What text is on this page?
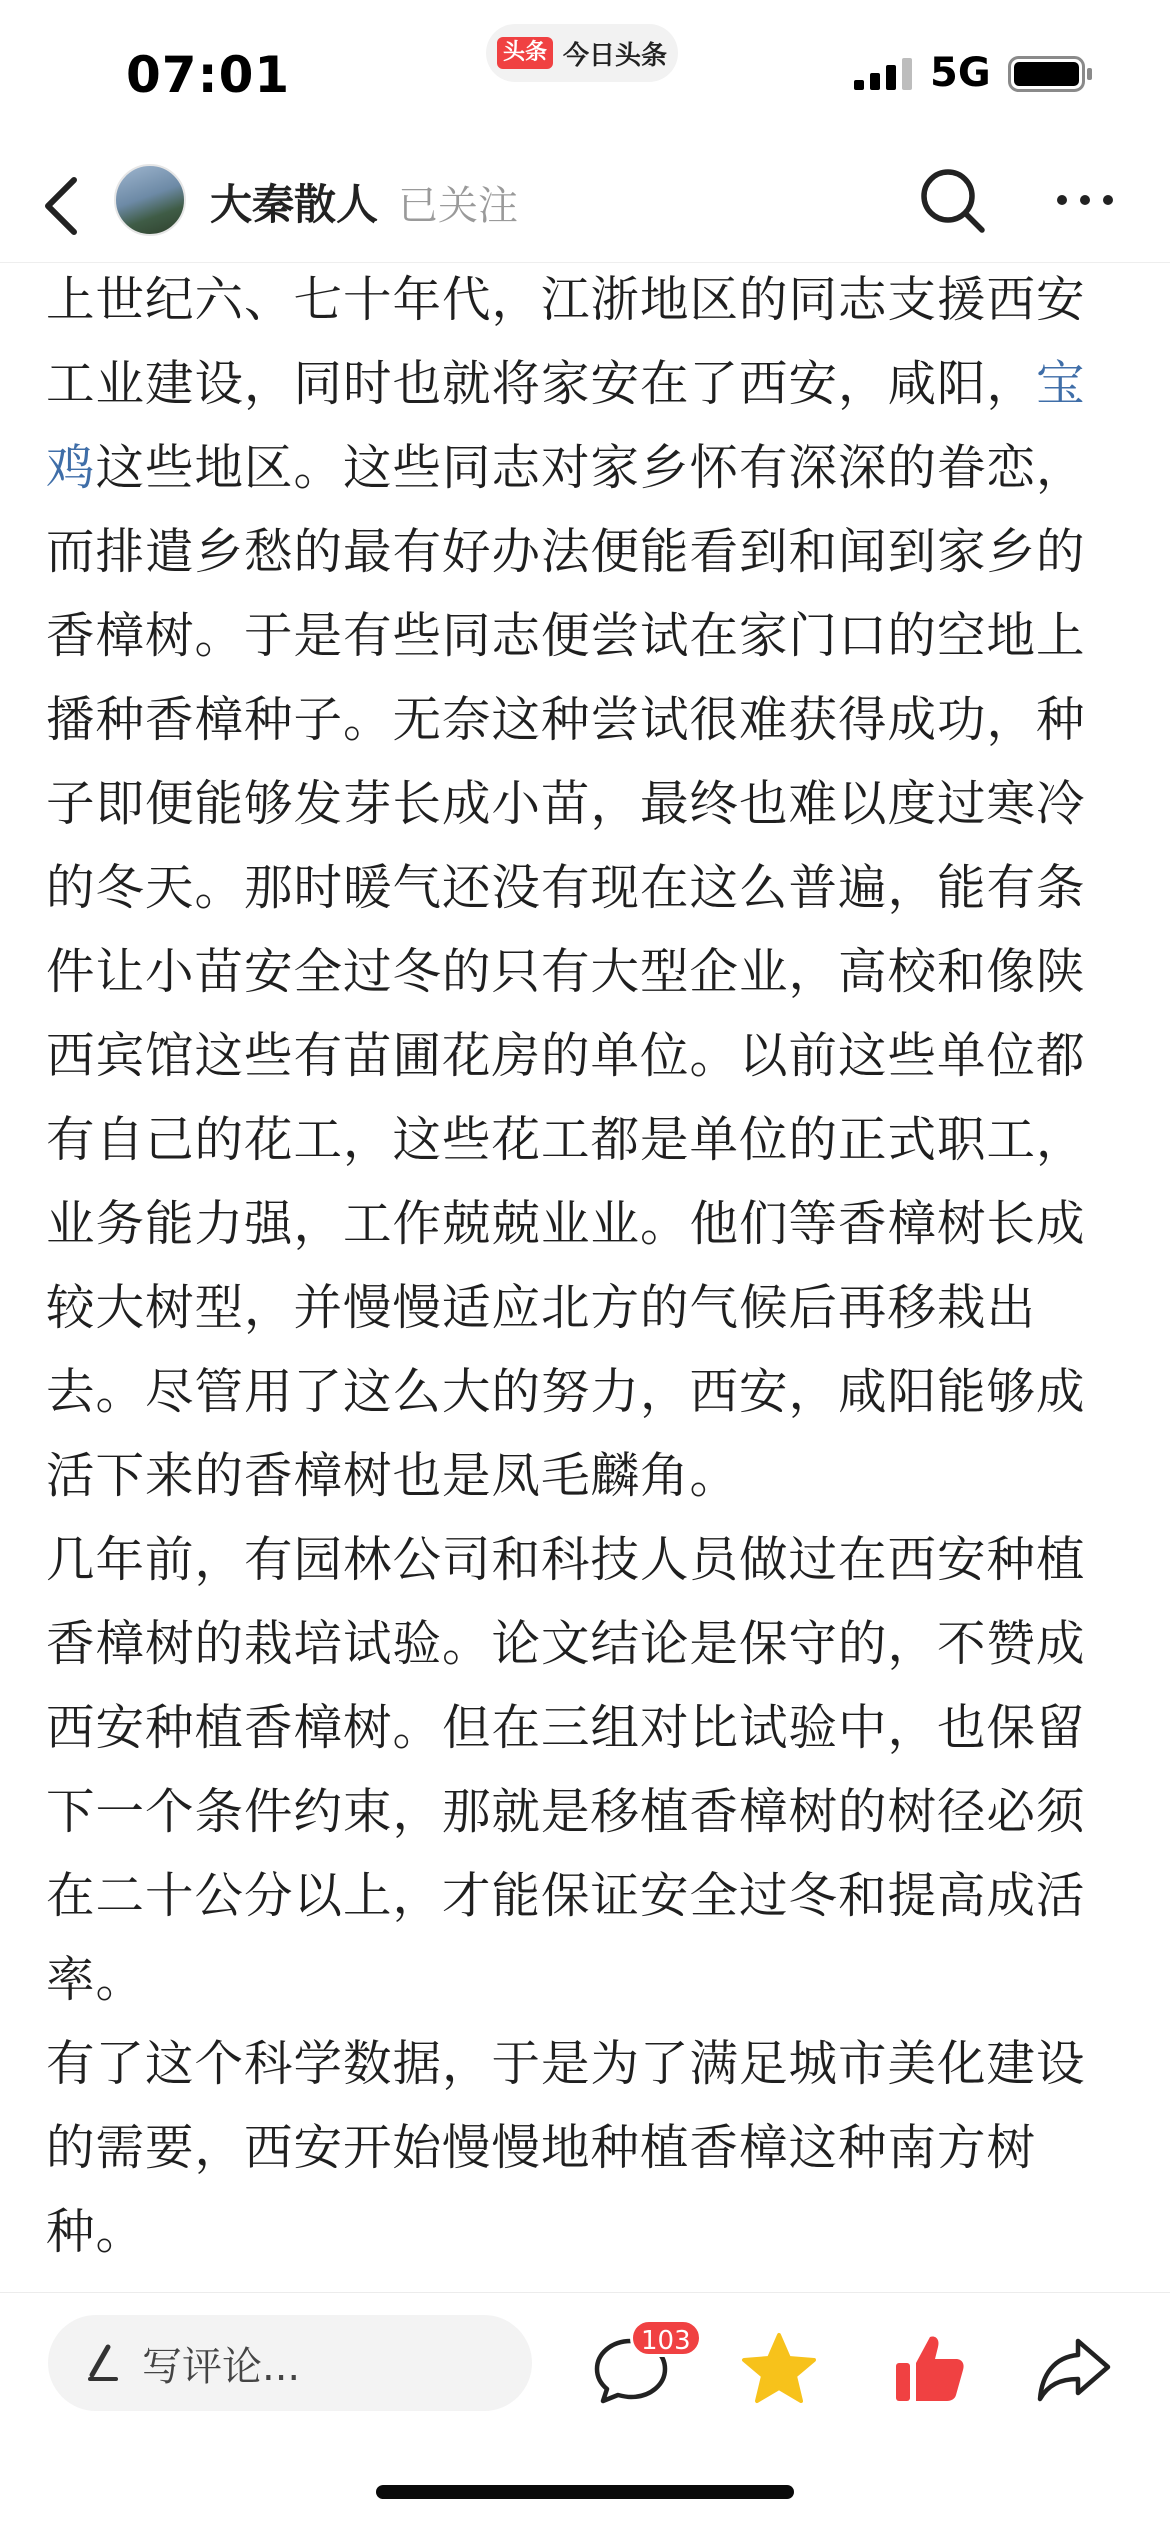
07:01	头条 今日头条	5G
大秦散人 已关注

上世纪六、七十年代，江浙地区的同志支援西安工业建设，同时也就将家安在了西安，咸阳，宝鸡这些地区。这些同志对家乡怀有深深的眷恋，而排遣乡愁的最有好办法便能看到和闻到家乡的香樟树。于是有些同志便尝试在家门口的空地上播种香樟种子。无奈这种尝试很难获得成功，种子即便能够发芽长成小苗，最终也难以度过寒冷的冬天。那时暖气还没有现在这么普遍，能有条件让小苗安全过冬的只有大型企业，高校和像陕西宾馆这些有苗圃花房的单位。以前这些单位都有自己的花工，这些花工都是单位的正式职工，业务能力强，工作兢兢业业。他们等香樟树长成较大树型，并慢慢适应北方的气候后再移栽出去。尽管用了这么大的努力，西安，咸阳能够成活下来的香樟树也是凤毛麟角。

几年前，有园林公司和科技人员做过在西安种植香樟树的栽培试验。论文结论是保守的，不赞成西安种植香樟树。但在三组对比试验中，也保留下一个条件约束，那就是移植香樟树的树径必须在二十公分以上，才能保证安全过冬和提高成活率。

有了这个科学数据，于是为了满足城市美化建设的需要，西安开始慢慢地种植香樟这种南方树种。

写评论...
103
